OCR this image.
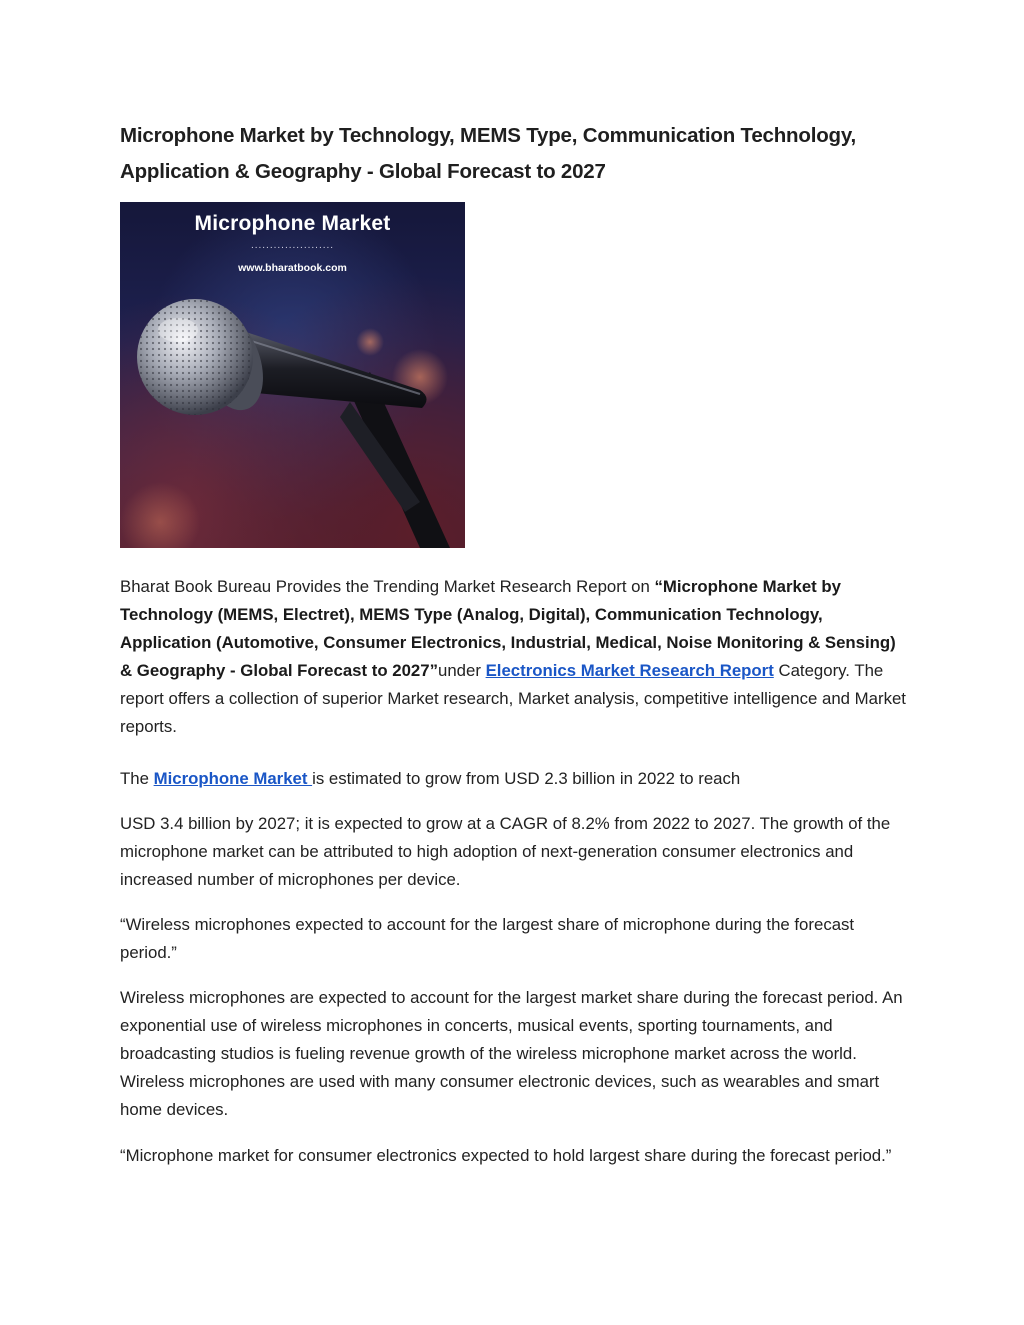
Microphone Market by Technology, MEMS Type, Communication Technology, Application & Geography - Global Forecast to 2027
Microphone Market
......................
www.bharatbook.com

Bharat Book Bureau Provides the Trending Market Research Report on “Microphone Market by Technology (MEMS, Electret), MEMS Type (Analog, Digital), Communication Technology, Application (Automotive, Consumer Electronics, Industrial, Medical, Noise Monitoring & Sensing) & Geography - Global Forecast to 2027”under Electronics Market Research Report Category. The report offers a collection of superior Market research, Market analysis, competitive intelligence and Market reports.

The Microphone Market is estimated to grow from USD 2.3 billion in 2022 to reach

USD 3.4 billion by 2027; it is expected to grow at a CAGR of 8.2% from 2022 to 2027. The growth of the microphone market can be attributed to high adoption of next-generation consumer electronics and increased number of microphones per device.

“Wireless microphones expected to account for the largest share of microphone during the forecast period.”

Wireless microphones are expected to account for the largest market share during the forecast period. An exponential use of wireless microphones in concerts, musical events, sporting tournaments, and broadcasting studios is fueling revenue growth of the wireless microphone market across the world. Wireless microphones are used with many consumer electronic devices, such as wearables and smart home devices.

“Microphone market for consumer electronics expected to hold largest share during the forecast period.”
